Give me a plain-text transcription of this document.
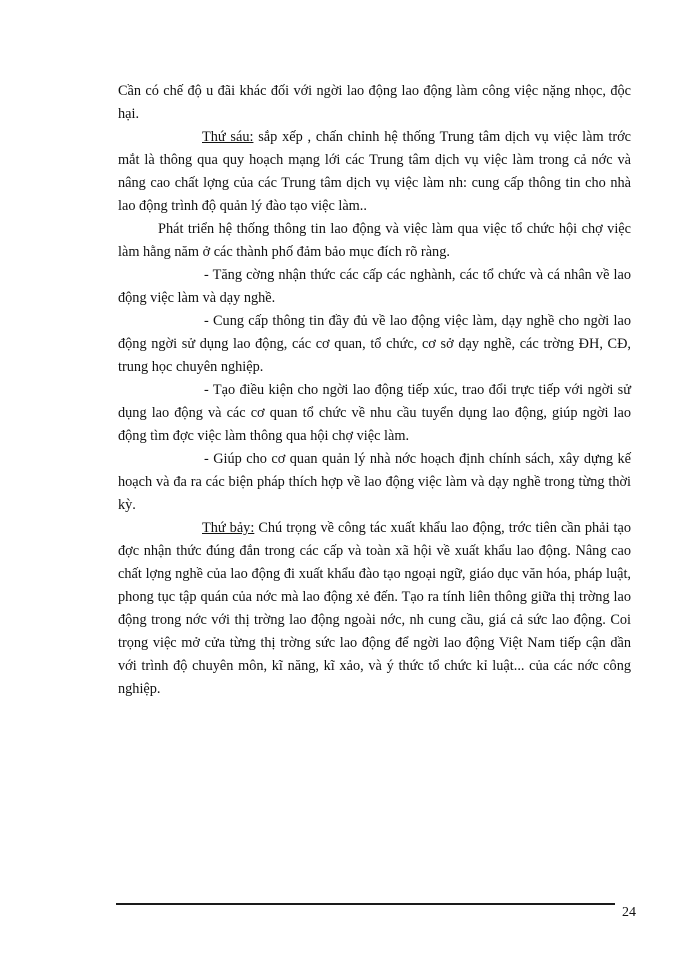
Cần có chế độ u đãi khác đối với ngời lao động lao động làm công việc nặng nhọc, độc hại.

Thứ sáu: sắp xếp , chấn chỉnh hệ thống Trung tâm dịch vụ việc làm trớc mắt là thông qua quy hoạch mạng lới các Trung tâm dịch vụ việc làm trong cả nớc và nâng cao chất lợng của các Trung tâm dịch vụ việc làm nh: cung cấp thông tin cho nhà lao động trình độ quản lý đào tạo việc làm..

Phát triển hệ thống thông tin lao động và việc làm qua việc tổ chức hội chợ việc làm hằng năm ở các thành phố đảm bảo mục đích rõ ràng.

- Tăng cờng nhận thức các cấp các nghành, các tổ chức và cá nhân về lao động việc làm và dạy nghề.

- Cung cấp thông tin đầy đủ về lao động việc làm, dạy nghề cho ngời lao động ngời sử dụng lao động, các cơ quan, tổ chức, cơ sở dạy nghề, các trờng ĐH, CĐ, trung học chuyên nghiệp.

- Tạo điều kiện cho ngời lao động tiếp xúc, trao đổi trực tiếp với ngời sử dụng lao động và các cơ quan tổ chức về nhu cầu tuyển dụng lao động, giúp ngời lao động tìm đợc việc làm thông qua hội chợ việc làm.

- Giúp cho cơ quan quản lý nhà nớc hoạch định chính sách, xây dựng kế hoạch và đa ra các biện pháp thích hợp về lao động việc làm và dạy nghề trong từng thời kỳ.

Thứ bảy: Chú trọng về công tác xuất khẩu lao động, trớc tiên cần phải tạo đợc nhận thức đúng đắn trong các cấp và toàn xã hội về xuất khẩu lao động. Nâng cao chất lợng nghề của lao động đi xuất khẩu đào tạo ngoại ngữ, giáo dục văn hóa, pháp luật, phong tục tập quán của nớc mà lao động xẻ đến. Tạo ra tính liên thông giữa thị trờng lao động trong nớc với thị trờng lao động ngoài nớc, nh cung cầu, giá cả sức lao động. Coi trọng việc mở cửa từng thị trờng sức lao động để ngời lao động Việt Nam tiếp cận dần với trình độ chuyên môn, kĩ năng, kĩ xảo, và ý thức tổ chức kỉ luật... của các nớc công nghiệp.

24
